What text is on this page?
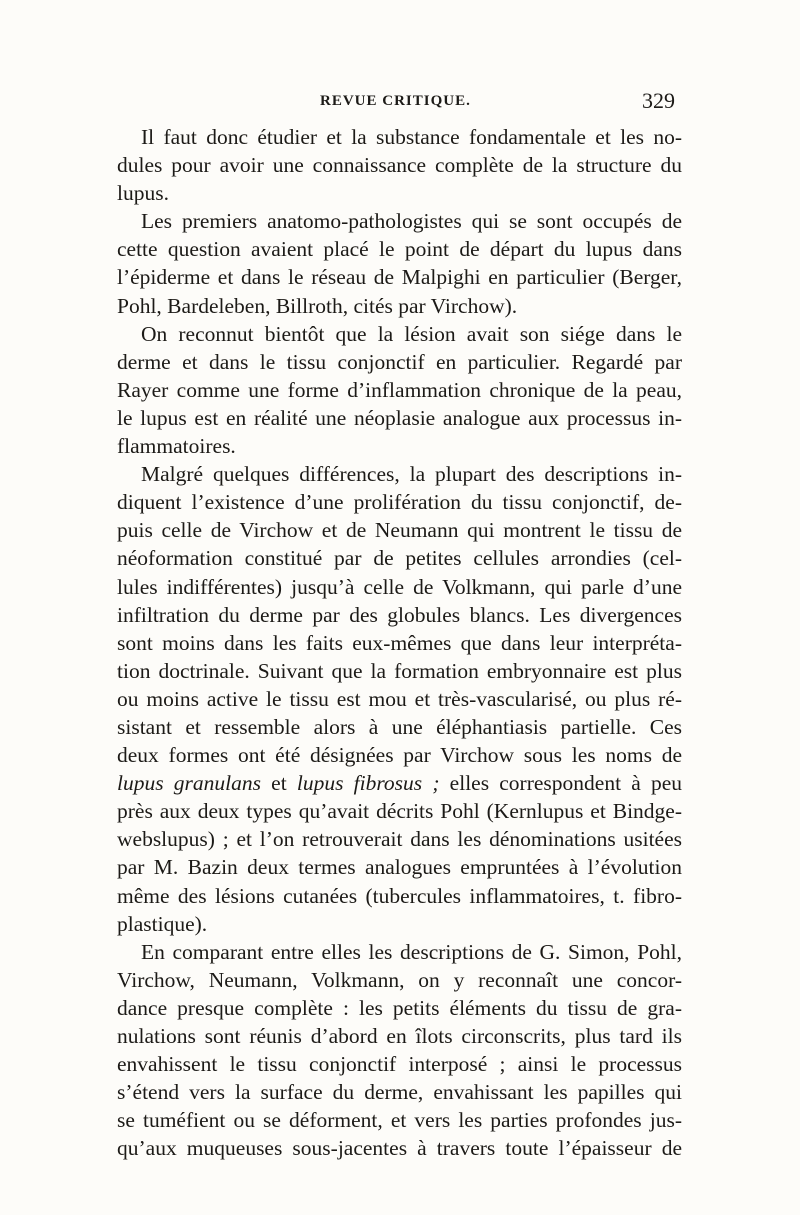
REVUE CRITIQUE.	329
Il faut donc étudier et la substance fondamentale et les no-
dules pour avoir une connaissance complète de la structure du
lupus.
Les premiers anatomo-pathologistes qui se sont occupés de
cette question avaient placé le point de départ du lupus dans
l’épiderme et dans le réseau de Malpighi en particulier (Berger,
Pohl, Bardeleben, Billroth, cités par Virchow).
On reconnut bientôt que la lésion avait son siége dans le
derme et dans le tissu conjonctif en particulier. Regardé par
Rayer comme une forme d’inflammation chronique de la peau,
le lupus est en réalité une néoplasie analogue aux processus in-
flammatoires.
Malgré quelques différences, la plupart des descriptions in-
diquent l’existence d’une prolifération du tissu conjonctif, de-
puis celle de Virchow et de Neumann qui montrent le tissu de
néoformation constitué par de petites cellules arrondies (cel-
lules indifférentes) jusqu’à celle de Volkmann, qui parle d’une
infiltration du derme par des globules blancs. Les divergences
sont moins dans les faits eux-mêmes que dans leur interpréta-
tion doctrinale. Suivant que la formation embryonnaire est plus
ou moins active le tissu est mou et très-vascularisé, ou plus ré-
sistant et ressemble alors à une éléphantiasis partielle. Ces
deux formes ont été désignées par Virchow sous les noms de
lupus granulans et lupus fibrosus ; elles correspondent à peu
près aux deux types qu’avait décrits Pohl (Kernlupus et Bindge-
webslupus) ; et l’on retrouverait dans les dénominations usitées
par M. Bazin deux termes analogues empruntées à l’évolution
même des lésions cutanées (tubercules inflammatoires, t. fibro-
plastique).
En comparant entre elles les descriptions de G. Simon, Pohl,
Virchow, Neumann, Volkmann, on y reconnaît une concor-
dance presque complète : les petits éléments du tissu de gra-
nulations sont réunis d’abord en îlots circonscrits, plus tard ils
envahissent le tissu conjonctif interposé ; ainsi le processus
s’étend vers la surface du derme, envahissant les papilles qui
se tuméfient ou se déforment, et vers les parties profondes jus-
qu’aux muqueuses sous-jacentes à travers toute l’épaisseur de
